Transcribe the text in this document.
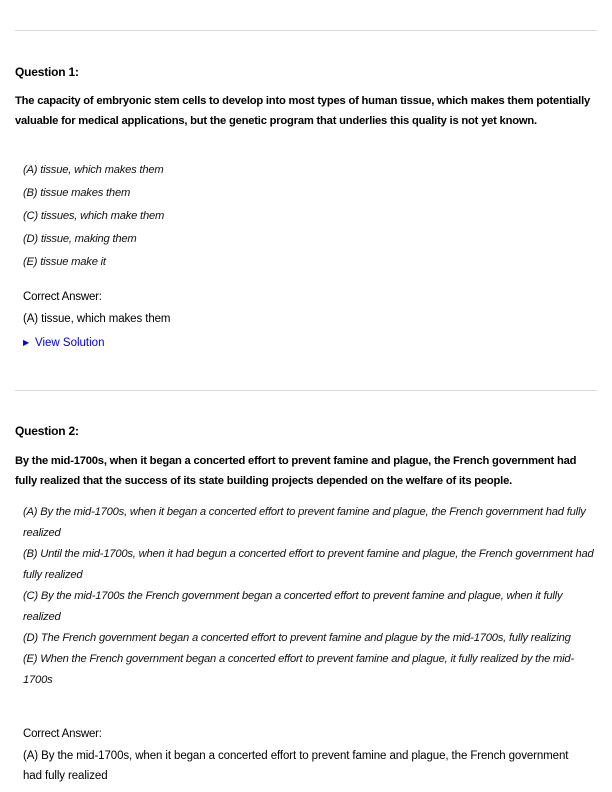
Question 1:
The capacity of embryonic stem cells to develop into most types of human tissue, which makes them potentially valuable for medical applications, but the genetic program that underlies this quality is not yet known.
(A) tissue, which makes them
(B) tissue makes them
(C) tissues, which make them
(D) tissue, making them
(E) tissue make it
Correct Answer:
(A) tissue, which makes them
▶ View Solution
Question 2:
By the mid-1700s, when it began a concerted effort to prevent famine and plague, the French government had fully realized that the success of its state building projects depended on the welfare of its people.
(A) By the mid-1700s, when it began a concerted effort to prevent famine and plague, the French government had fully realized
(B) Until the mid-1700s, when it had begun a concerted effort to prevent famine and plague, the French government had fully realized
(C) By the mid-1700s the French government began a concerted effort to prevent famine and plague, when it fully realized
(D) The French government began a concerted effort to prevent famine and plague by the mid-1700s, fully realizing
(E) When the French government began a concerted effort to prevent famine and plague, it fully realized by the mid-1700s
Correct Answer:
(A) By the mid-1700s, when it began a concerted effort to prevent famine and plague, the French government had fully realized
